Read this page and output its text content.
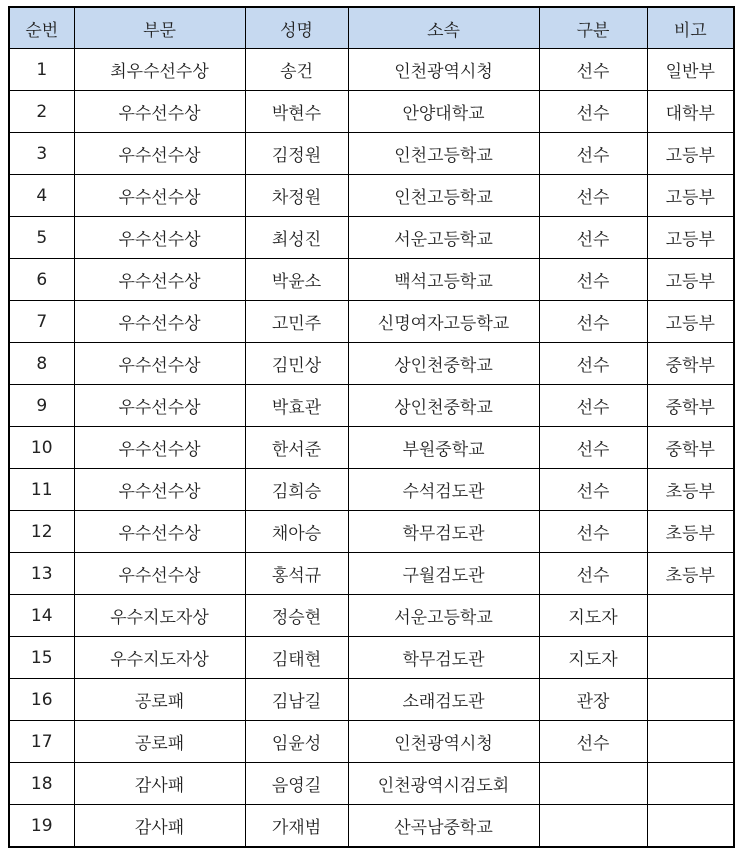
순번	부문	성명	소속	구분	비고
1	최우수선수상	송건	인천광역시청	선수	일반부
2	우수선수상	박현수	안양대학교	선수	대학부
3	우수선수상	김정원	인천고등학교	선수	고등부
4	우수선수상	차정원	인천고등학교	선수	고등부
5	우수선수상	최성진	서운고등학교	선수	고등부
6	우수선수상	박윤소	백석고등학교	선수	고등부
7	우수선수상	고민주	신명여자고등학교	선수	고등부
8	우수선수상	김민상	상인천중학교	선수	중학부
9	우수선수상	박효관	상인천중학교	선수	중학부
10	우수선수상	한서준	부원중학교	선수	중학부
11	우수선수상	김희승	수석검도관	선수	초등부
12	우수선수상	채아승	학무검도관	선수	초등부
13	우수선수상	홍석규	구월검도관	선수	초등부
14	우수지도자상	정승현	서운고등학교	지도자	
15	우수지도자상	김태현	학무검도관	지도자	
16	공로패	김남길	소래검도관	관장	
17	공로패	임윤성	인천광역시청	선수	
18	감사패	음영길	인천광역시검도회		
19	감사패	가재범	산곡남중학교		
